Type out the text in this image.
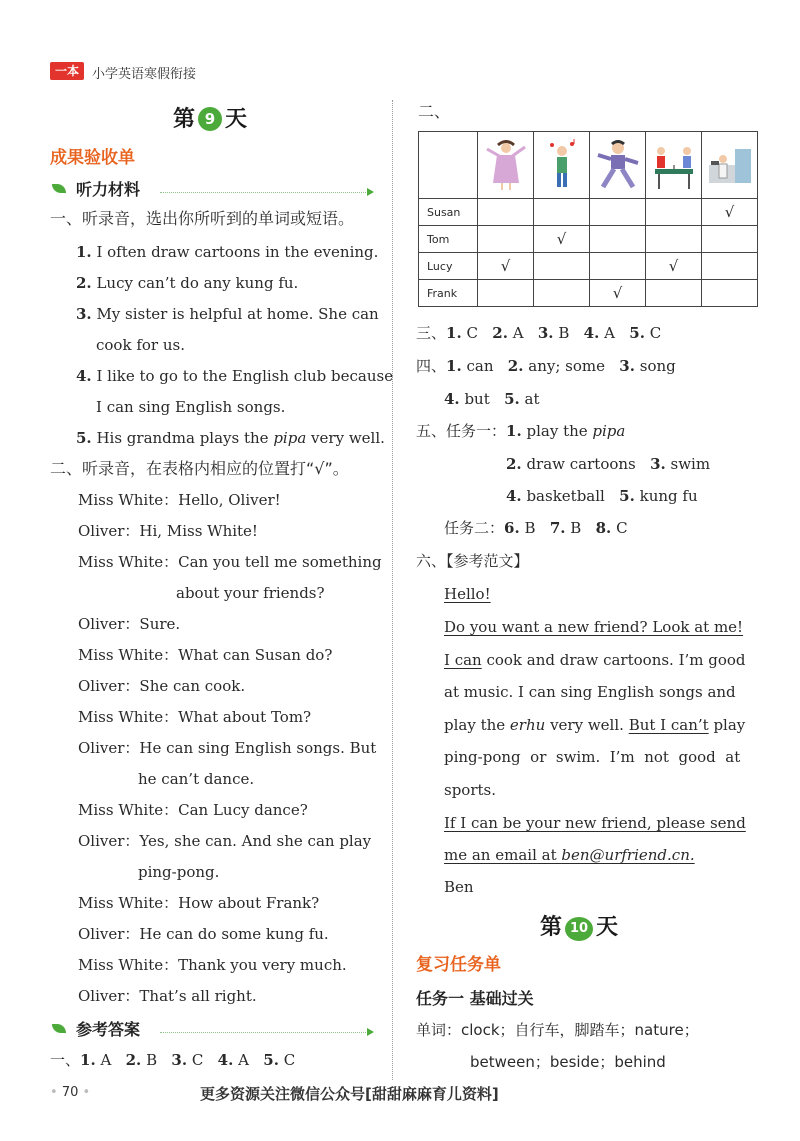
一本	小学英语寒假衔接
第 9 天
成果验收单
听力材料
一、听录音，选出你所听到的单词或短语。
1. I often draw cartoons in the evening.
2. Lucy can’t do any kung fu.
3. My sister is helpful at home. She can
cook for us.
4. I like to go to the English club because
I can sing English songs.
5. His grandma plays the pipa very well.
二、听录音，在表格内相应的位置打“√”。
Miss White：Hello, Oliver!
Oliver：Hi, Miss White!
Miss White：Can you tell me something
about your friends?
Oliver：Sure.
Miss White：What can Susan do?
Oliver：She can cook.
Miss White：What about Tom?
Oliver：He can sing English songs. But
he can’t dance.
Miss White：Can Lucy dance?
Oliver：Yes, she can. And she can play
ping-pong.
Miss White：How about Frank?
Oliver：He can do some kung fu.
Miss White：Thank you very much.
Oliver：That’s all right.
参考答案
一、1. A 2. B 3. C 4. A 5. C
二、

Susan					√
Tom		√			
Lucy	√			√	
Frank			√		
三、1. C 2. A 3. B 4. A 5. C
四、1. can 2. any; some 3. song
4. but 5. at
五、任务一：1. play the pipa
2. draw cartoons 3. swim
4. basketball 5. kung fu
任务二：6. B 7. B 8. C
六、【参考范文】
Hello!
Do you want a new friend? Look at me!
I can cook and draw cartoons. I’m good
at music. I can sing English songs and
play the erhu very well. But I can’t play
ping-pong  or  swim.  I’m  not  good  at
sports.
If I can be your new friend, please send
me an email at ben@urfriend.cn.
Ben
第 10 天
复习任务单
任务一 基础过关
单词：clock；自行车，脚踏车；nature；
between；beside；behind
• 70 •	更多资源关注微信公众号[甜甜麻麻育儿资料]
